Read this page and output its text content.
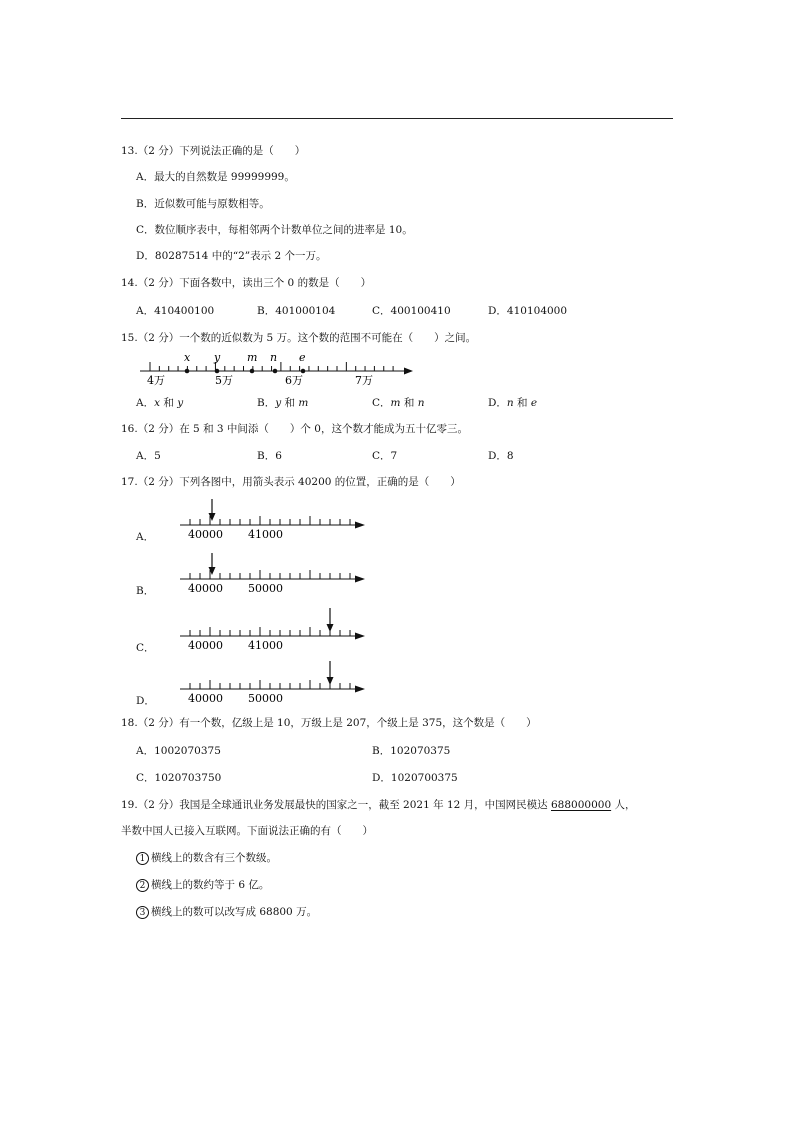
13.（2 分）下列说法正确的是（　　）
A．最大的自然数是 99999999。
B．近似数可能与原数相等。
C．数位顺序表中，每相邻两个计数单位之间的进率是 10。
D．80287514 中的“2”表示 2 个一万。
14.（2 分）下面各数中，读出三个 0 的数是（　　）
A．410400100	B．401000104	C．400100410	D．410104000
15.（2 分）一个数的近似数为 5 万。这个数的范围不可能在（　　）之间。
4万	5万	6万	7万
x y m n e
A．x 和 y	B．y 和 m	C．m 和 n	D．n 和 e
16.（2 分）在 5 和 3 中间添（　　）个 0，这个数才能成为五十亿零三。
A．5	B．6	C．7	D．8
17.（2 分）下列各图中，用箭头表示 40200 的位置，正确的是（　　）
A．	40000 41000
B．	40000 50000
C．	40000 41000
D．	40000 50000
18.（2 分）有一个数，亿级上是 10，万级上是 207，个级上是 375，这个数是（　　）
A．1002070375	B．102070375
C．1020703750	D．1020700375
19.（2 分）我国是全球通讯业务发展最快的国家之一，截至 2021 年 12 月，中国网民模达 688000000 人，
半数中国人已接入互联网。下面说法正确的有（　　）
1 横线上的数含有三个数级。
2 横线上的数约等于 6 亿。
3 横线上的数可以改写成 68800 万。
